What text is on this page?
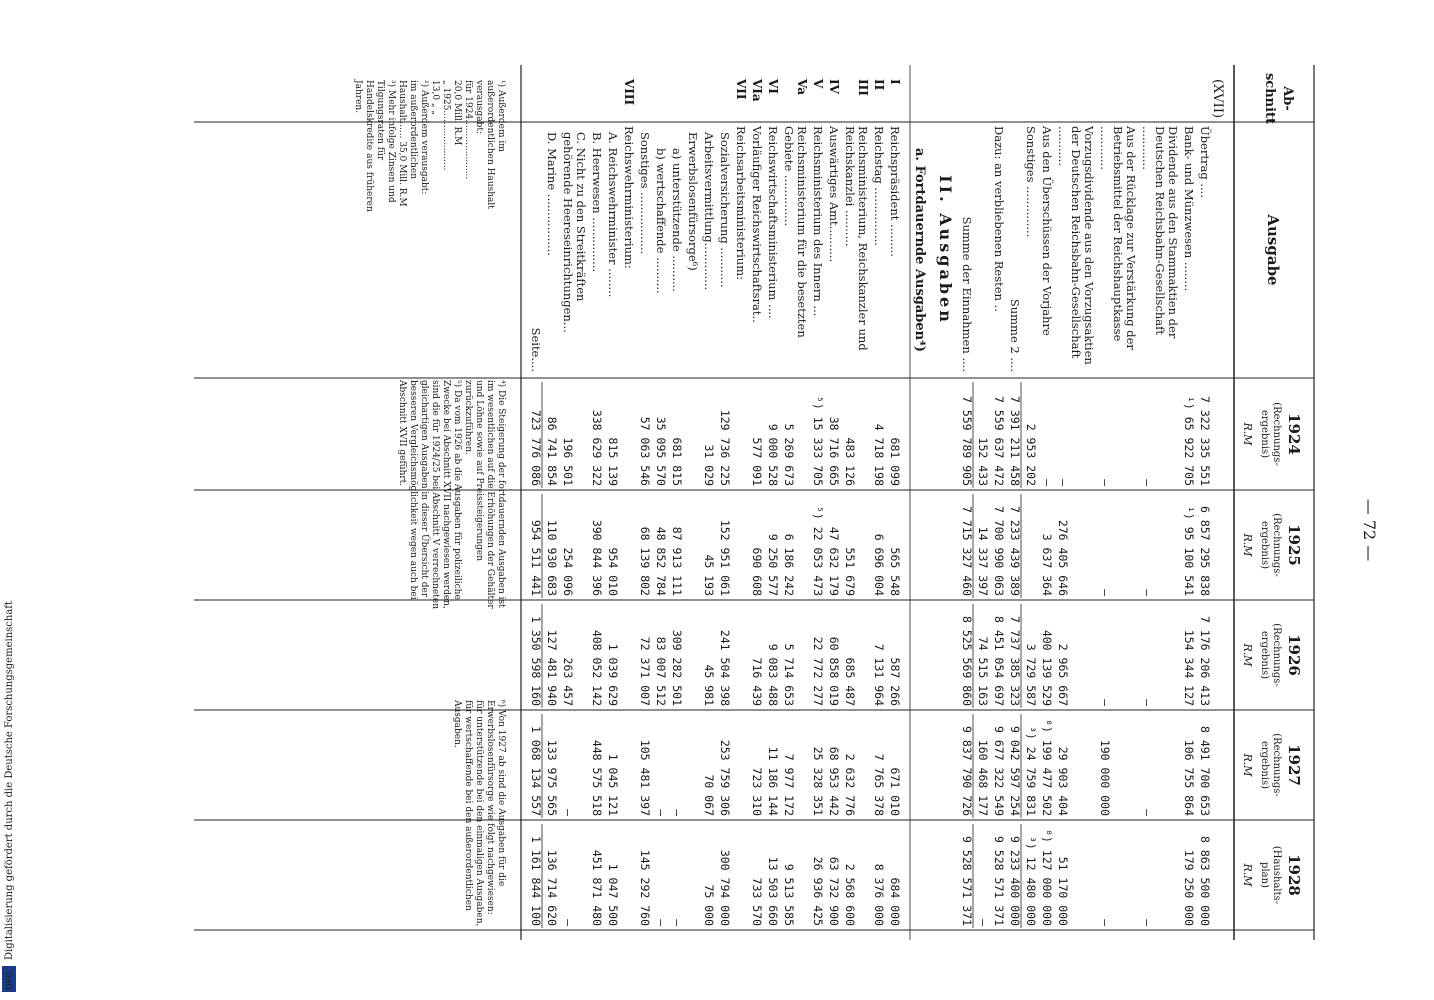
— 72 —
Ab-
schnitt
Ausgabe
1924
(Rechnungs-
ergebnis)
R.M
1925
(Rechnungs-
ergebnis)
R.M
1926
(Rechnungs-
ergebnis)
R.M
1927
(Rechnungs-
ergebnis)
R.M
1928
(Haushalts-
plan)
R.M
(XVII)
Übertrag ....
7 322 335 551
6 857 295 838
7 176 206 413
8 491 700 653
8 863 500 000
Bank- und Münzwesen ........
¹) 65 922 705
¹) 95 100 541
154 344 127
106 755 864
179 250 000
Dividende aus den Stammaktien der
Deutschen Reichsbahn-Gesellschaft
............
—
—
—
—
—
Aus der Rücklage zur Verstärkung der
Betriebsmittel der Reichshauptkasse
............
—
—
—
190 000 000
—
Vorzugsdividende aus den Vorzugsaktien
der Deutschen Reichsbahn-Gesellschaft
...........
—
276 405 646
2 965 667
29 903 404
51 170 000
Aus den Überschüssen der Vorjahre
—
3 637 364
400 139 529
⁸) 199 477 502
⁸) 127 000 000
Sonstiges ..............
2 953 202
3 729 587
³) 24 759 831
³) 12 480 000
Summe 2 ....
7 391 211 458
7 233 439 389
7 737 385 323
9 042 597 254
9 233 400 000
Dazu: an verbliebenen Resten ..
7 559 637 472
7 700 990 063
8 451 054 697
9 677 322 549
9 528 571 371
152 433
14 337 397
74 515 163
160 468 177
—
Summe der Einnahmen ....
7 559 789 905
7 715 327 460
8 525 569 860
9 837 790 726
9 528 571 371
II. Ausgaben
a. Fortdauernde Ausgaben⁴)
I
Reichspräsident .........
681 099
565 548
587 266
671 010
684 000
II
Reichstag ................
4 718 198
6 696 004
7 131 964
7 765 378
8 376 000
III
Reichsministerium, Reichskanzler und
Reichskanzlei ..........
483 126
551 679
685 487
2 632 776
2 568 600
IV
Auswärtiges Amt..........
38 716 665
47 632 179
60 858 019
68 953 442
63 732 900
V
Reichsministerium des Innern ...
⁵) 15 333 705
⁵) 22 053 473
22 772 277
25 328 351
26 936 425
Va
Reichsministerium für die besetzten
Gebiete ..............
5 269 673
6 186 242
5 714 653
7 977 172
9 513 585
VI
Reichswirtschaftsministerium ....
9 000 528
9 250 577
9 083 488
11 186 144
13 503 660
VIa
Vorläufiger Reichswirtschaftsrat..
577 091
690 608
716 439
723 310
733 570
VII
Reichsarbeitsministerium:
Sozialversicherung ...........
129 736 225
152 951 061
241 504 398
253 759 306
300 794 000
Arbeitsvermittlung.............
31 029
45 193
45 981
70 067
75 000
Erwerbslosenfürsorge⁶)
a) unterstützende ..........
681 815
87 913 111
309 282 501
—
—
b) wertschaffende ..........
35 095 570
48 852 784
83 007 512
—
—
Sonstiges .................
57 063 546
68 139 802
72 371 007
105 481 397
145 292 760
VIII
Reichswehrministerium:
A. Reichswehrminister ........
815 139
954 010
1 039 629
1 045 121
1 047 500
B. Heerwesen ...............
338 629 322
390 844 396
408 052 142
448 575 518
451 871 480
C. Nicht zu den Streitkräften
gehörende Heereseinrichtungen...
196 501
254 096
263 457
—
—
D. Marine .................
86 741 854
110 930 683
127 481 940
133 975 565
136 714 620
Seite....
723 776 086
954 511 441
1 350 598 160
1 068 134 557
1 161 844 100
¹) Außerdem im
außerordentlichen Haushalt
verausgabt:
für 1924.....................
20,0 Mill. R.M
„ 1925.....................
13,0 „ „
²) Außerdem verausgabt:
im außerordentlichen
Haushalt...... 35,0 Mill. R.M
³) Mehr infolge Zinsen und
Tilgungsraten für
Handelskredite aus früheren
Jahren.
⁴) Die Steigerung der fortdauernden Ausgaben ist
im wesentlichen auf die Erhöhungen der Gehälter
und Löhne sowie auf Preissteigerungen
zurückzuführen.
⁵) Da vom 1926 ab die Ausgaben für polizeiliche
Zwecke bei Abschnitt XVII nachgewiesen werden,
sind die für 1924/25 bei Abschnitt V verrechneten
gleichartigen Ausgaben in dieser Übersicht der
besseren Vergleichsmöglichkeit wegen auch bei
Abschnitt XVII geführt.
⁶) Von 1927 ab sind die Ausgaben für die
Erwerbslosenfürsorge wie folgt nachgewiesen:
für unterstützende bei den einmaligen Ausgaben,
für wertschaffende bei den außerordentlichen
Ausgaben.
Digitalisierung gefördert durch die Deutsche Forschungsgemeinschaft
DFG
